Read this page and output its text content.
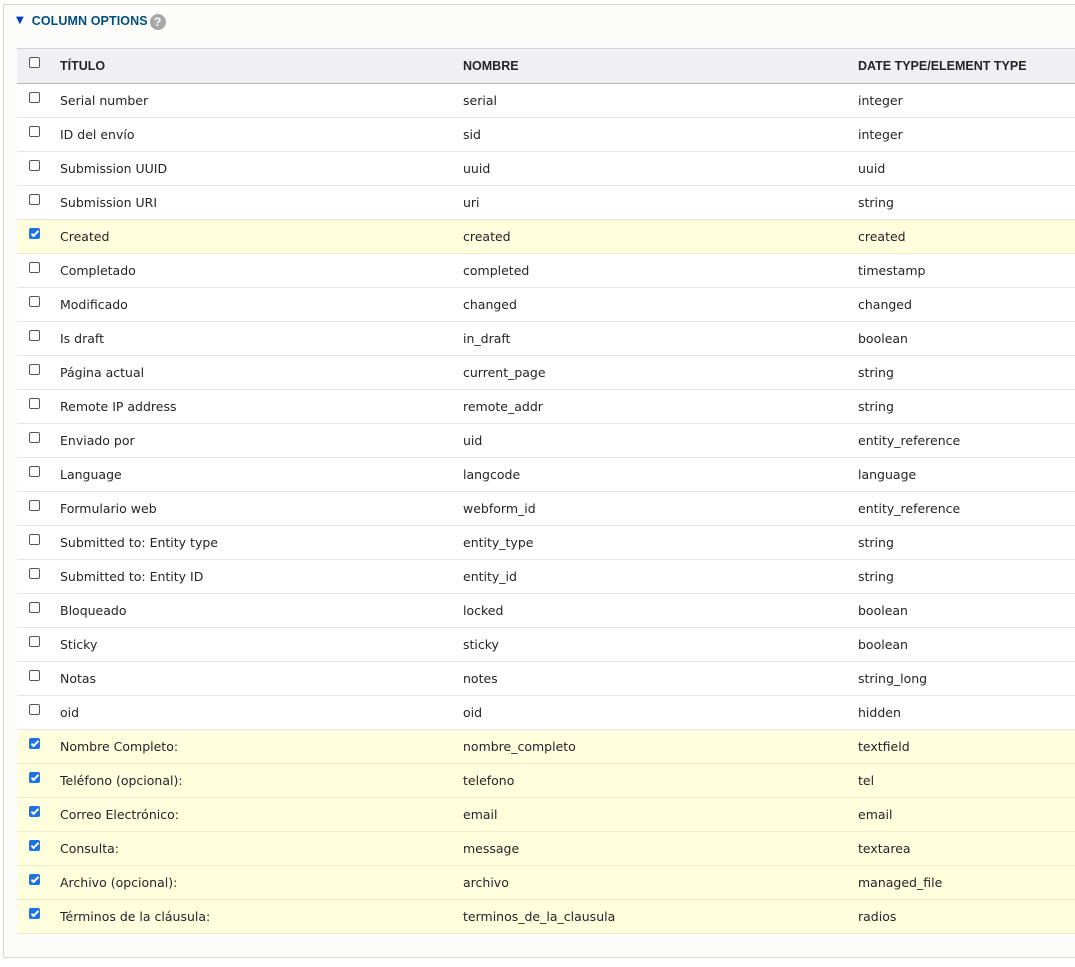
▼ COLUMN OPTIONS ?
	TÍTULO	NOMBRE	DATE TYPE/ELEMENT TYPE
	Serial number	serial	integer
	ID del envío	sid	integer
	Submission UUID	uuid	uuid
	Submission URI	uri	string
	Created	created	created
	Completado	completed	timestamp
	Modificado	changed	changed
	Is draft	in_draft	boolean
	Página actual	current_page	string
	Remote IP address	remote_addr	string
	Enviado por	uid	entity_reference
	Language	langcode	language
	Formulario web	webform_id	entity_reference
	Submitted to: Entity type	entity_type	string
	Submitted to: Entity ID	entity_id	string
	Bloqueado	locked	boolean
	Sticky	sticky	boolean
	Notas	notes	string_long
	oid	oid	hidden
	Nombre Completo:	nombre_completo	textfield
	Teléfono (opcional):	telefono	tel
	Correo Electrónico:	email	email
	Consulta:	message	textarea
	Archivo (opcional):	archivo	managed_file
	Términos de la cláusula:	terminos_de_la_clausula	radios
